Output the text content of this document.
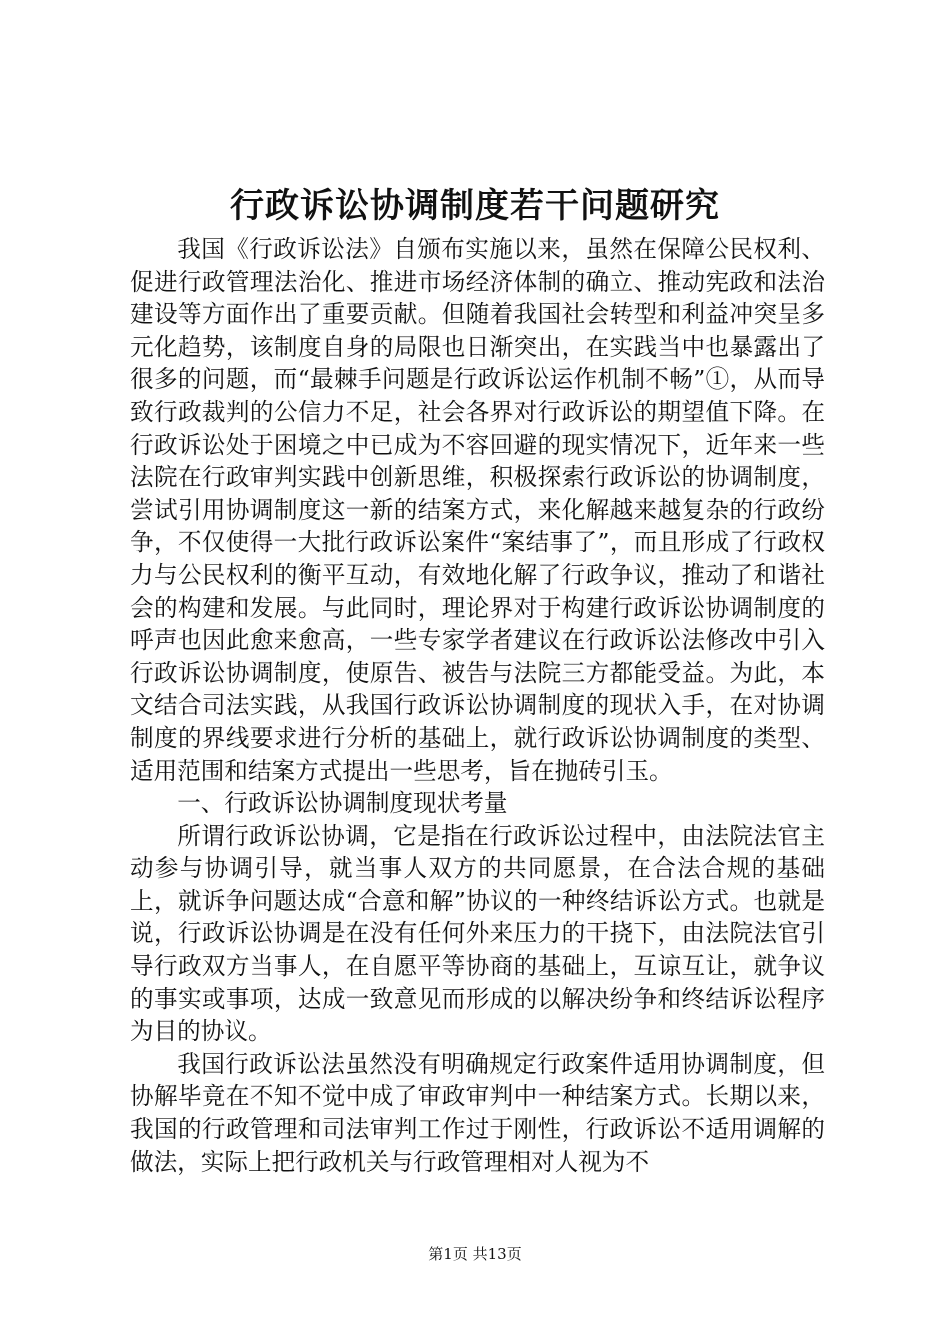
行政诉讼协调制度若干问题研究

我国《行政诉讼法》自颁布实施以来，虽然在保障公民权利、促进行政管理法治化、推进市场经济体制的确立、推动宪政和法治建设等方面作出了重要贡献。但随着我国社会转型和利益冲突呈多元化趋势，该制度自身的局限也日渐突出，在实践当中也暴露出了很多的问题，而“最棘手问题是行政诉讼运作机制不畅”①，从而导致行政裁判的公信力不足，社会各界对行政诉讼的期望值下降。在行政诉讼处于困境之中已成为不容回避的现实情况下，近年来一些法院在行政审判实践中创新思维，积极探索行政诉讼的协调制度，尝试引用协调制度这一新的结案方式，来化解越来越复杂的行政纷争，不仅使得一大批行政诉讼案件“案结事了”，而且形成了行政权力与公民权利的衡平互动，有效地化解了行政争议，推动了和谐社会的构建和发展。与此同时，理论界对于构建行政诉讼协调制度的呼声也因此愈来愈高，一些专家学者建议在行政诉讼法修改中引入行政诉讼协调制度，使原告、被告与法院三方都能受益。为此，本文结合司法实践，从我国行政诉讼协调制度的现状入手，在对协调制度的界线要求进行分析的基础上，就行政诉讼协调制度的类型、适用范围和结案方式提出一些思考，旨在抛砖引玉。

一、行政诉讼协调制度现状考量

所谓行政诉讼协调，它是指在行政诉讼过程中，由法院法官主动参与协调引导，就当事人双方的共同愿景，在合法合规的基础上，就诉争问题达成“合意和解”协议的一种终结诉讼方式。也就是说，行政诉讼协调是在没有任何外来压力的干挠下，由法院法官引导行政双方当事人，在自愿平等协商的基础上，互谅互让，就争议的事实或事项，达成一致意见而形成的以解决纷争和终结诉讼程序为目的协议。

我国行政诉讼法虽然没有明确规定行政案件适用协调制度，但协解毕竟在不知不觉中成了审政审判中一种结案方式。长期以来，我国的行政管理和司法审判工作过于刚性，行政诉讼不适用调解的做法，实际上把行政机关与行政管理相对人视为不

第1页 共13页
